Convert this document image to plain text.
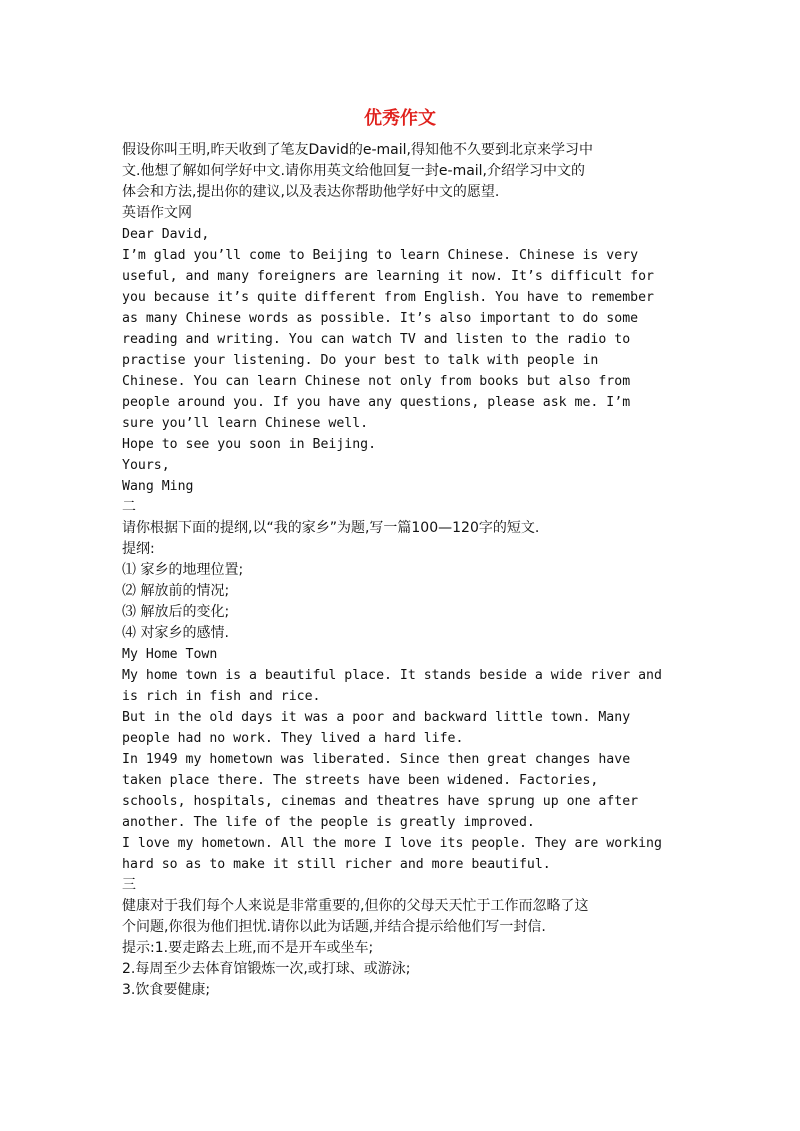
优秀作文
假设你叫王明,昨天收到了笔友David的e-mail,得知他不久要到北京来学习中
文.他想了解如何学好中文.请你用英文给他回复一封e-mail,介绍学习中文的
体会和方法,提出你的建议,以及表达你帮助他学好中文的愿望.
英语作文网
Dear David,
I’m glad you’ll come to Beijing to learn Chinese. Chinese is very
useful, and many foreigners are learning it now. It’s difficult for
you because it’s quite different from English. You have to remember
as many Chinese words as possible. It’s also important to do some
reading and writing. You can watch TV and listen to the radio to
practise your listening. Do your best to talk with people in
Chinese. You can learn Chinese not only from books but also from
people around you. If you have any questions, please ask me. I’m
sure you’ll learn Chinese well.
Hope to see you soon in Beijing.
Yours,
Wang Ming
二
请你根据下面的提纲,以“我的家乡”为题,写一篇100—120字的短文.
提纲:
⑴ 家乡的地理位置;
⑵ 解放前的情况;
⑶ 解放后的变化;
⑷ 对家乡的感情.
My Home Town
My home town is a beautiful place. It stands beside a wide river and
is rich in fish and rice.
But in the old days it was a poor and backward little town. Many
people had no work. They lived a hard life.
In 1949 my hometown was liberated. Since then great changes have
taken place there. The streets have been widened. Factories,
schools, hospitals, cinemas and theatres have sprung up one after
another. The life of the people is greatly improved.
I love my hometown. All the more I love its people. They are working
hard so as to make it still richer and more beautiful.
三
健康对于我们每个人来说是非常重要的,但你的父母天天忙于工作而忽略了这
个问题,你很为他们担忧.请你以此为话题,并结合提示给他们写一封信.
提示:1.要走路去上班,而不是开车或坐车;
2.每周至少去体育馆锻炼一次,或打球、或游泳;
3.饮食要健康;
